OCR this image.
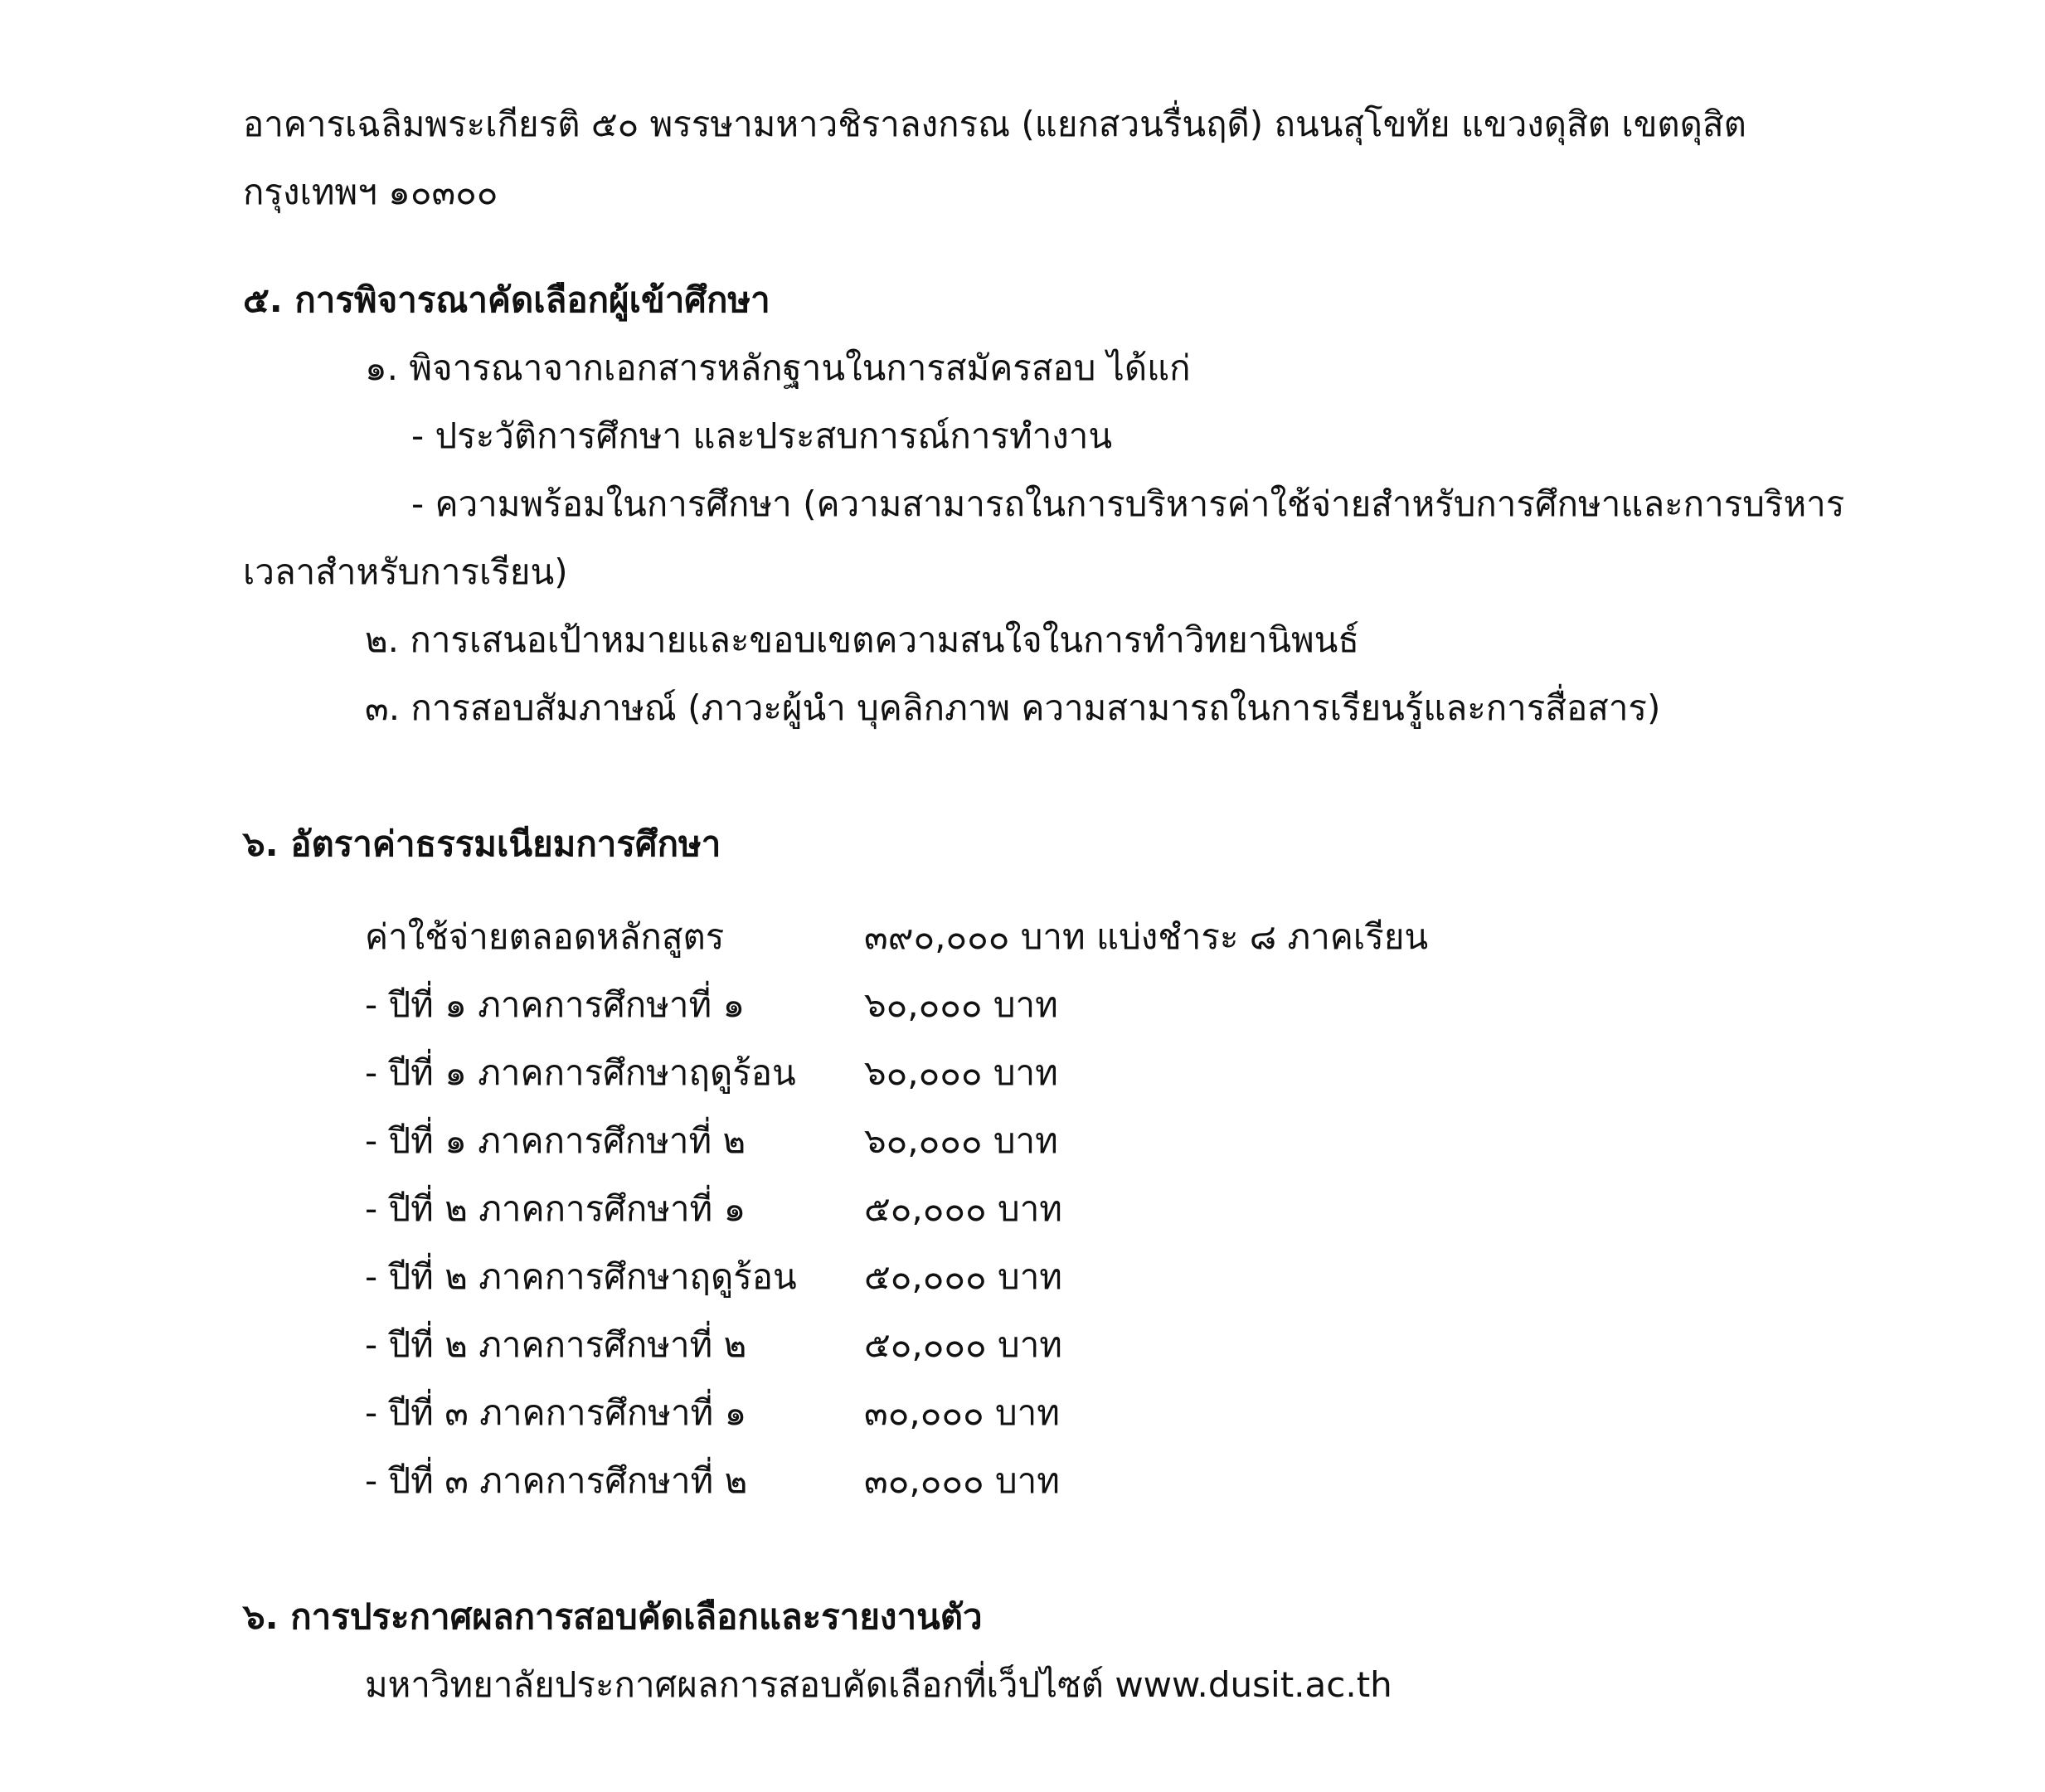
อาคารเฉลิมพระเกียรติ ๕๐ พรรษามหาวชิราลงกรณ (แยกสวนรื่นฤดี) ถนนสุโขทัย แขวงดุสิต เขตดุสิต
กรุงเทพฯ ๑๐๓๐๐
๕. การพิจารณาคัดเลือกผู้เข้าศึกษา
๑. พิจารณาจากเอกสารหลักฐานในการสมัครสอบ ได้แก่
- ประวัติการศึกษา และประสบการณ์การทำงาน
- ความพร้อมในการศึกษา (ความสามารถในการบริหารค่าใช้จ่ายสำหรับการศึกษาและการบริหาร
เวลาสำหรับการเรียน)
๒. การเสนอเป้าหมายและขอบเขตความสนใจในการทำวิทยานิพนธ์
๓. การสอบสัมภาษณ์ (ภาวะผู้นำ บุคลิกภาพ ความสามารถในการเรียนรู้และการสื่อสาร)
๖. อัตราค่าธรรมเนียมการศึกษา
ค่าใช้จ่ายตลอดหลักสูตร	๓๙๐,๐๐๐ บาท แบ่งชำระ ๘ ภาคเรียน
- ปีที่ ๑ ภาคการศึกษาที่ ๑	๖๐,๐๐๐ บาท
- ปีที่ ๑ ภาคการศึกษาฤดูร้อน ๖๐,๐๐๐ บาท
- ปีที่ ๑ ภาคการศึกษาที่ ๒	๖๐,๐๐๐ บาท
- ปีที่ ๒ ภาคการศึกษาที่ ๑	๕๐,๐๐๐ บาท
- ปีที่ ๒ ภาคการศึกษาฤดูร้อน ๕๐,๐๐๐ บาท
- ปีที่ ๒ ภาคการศึกษาที่ ๒	๕๐,๐๐๐ บาท
- ปีที่ ๓ ภาคการศึกษาที่ ๑	๓๐,๐๐๐ บาท
- ปีที่ ๓ ภาคการศึกษาที่ ๒	๓๐,๐๐๐ บาท
๖. การประกาศผลการสอบคัดเลือกและรายงานตัว
มหาวิทยาลัยประกาศผลการสอบคัดเลือกที่เว็ปไซต์ www.dusit.ac.th
